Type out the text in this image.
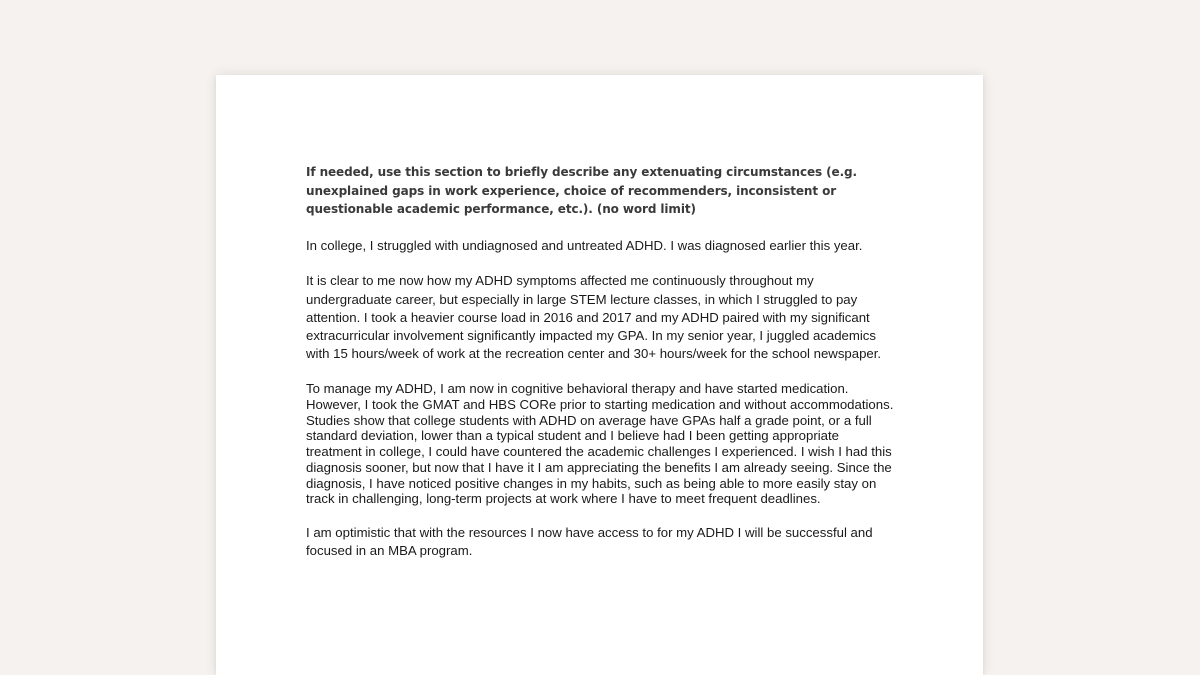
If needed, use this section to briefly describe any extenuating circumstances (e.g. unexplained gaps in work experience, choice of recommenders, inconsistent or questionable academic performance, etc.). (no word limit)

In college, I struggled with undiagnosed and untreated ADHD. I was diagnosed earlier this year.

It is clear to me now how my ADHD symptoms affected me continuously throughout my undergraduate career, but especially in large STEM lecture classes, in which I struggled to pay attention. I took a heavier course load in 2016 and 2017 and my ADHD paired with my significant extracurricular involvement significantly impacted my GPA. In my senior year, I juggled academics with 15 hours/week of work at the recreation center and 30+ hours/week for the school newspaper.

To manage my ADHD, I am now in cognitive behavioral therapy and have started medication. However, I took the GMAT and HBS CORe prior to starting medication and without accommodations. Studies show that college students with ADHD on average have GPAs half a grade point, or a full standard deviation, lower than a typical student and I believe had I been getting appropriate treatment in college, I could have countered the academic challenges I experienced. I wish I had this diagnosis sooner, but now that I have it I am appreciating the benefits I am already seeing. Since the diagnosis, I have noticed positive changes in my habits, such as being able to more easily stay on track in challenging, long-term projects at work where I have to meet frequent deadlines.

I am optimistic that with the resources I now have access to for my ADHD I will be successful and focused in an MBA program.
